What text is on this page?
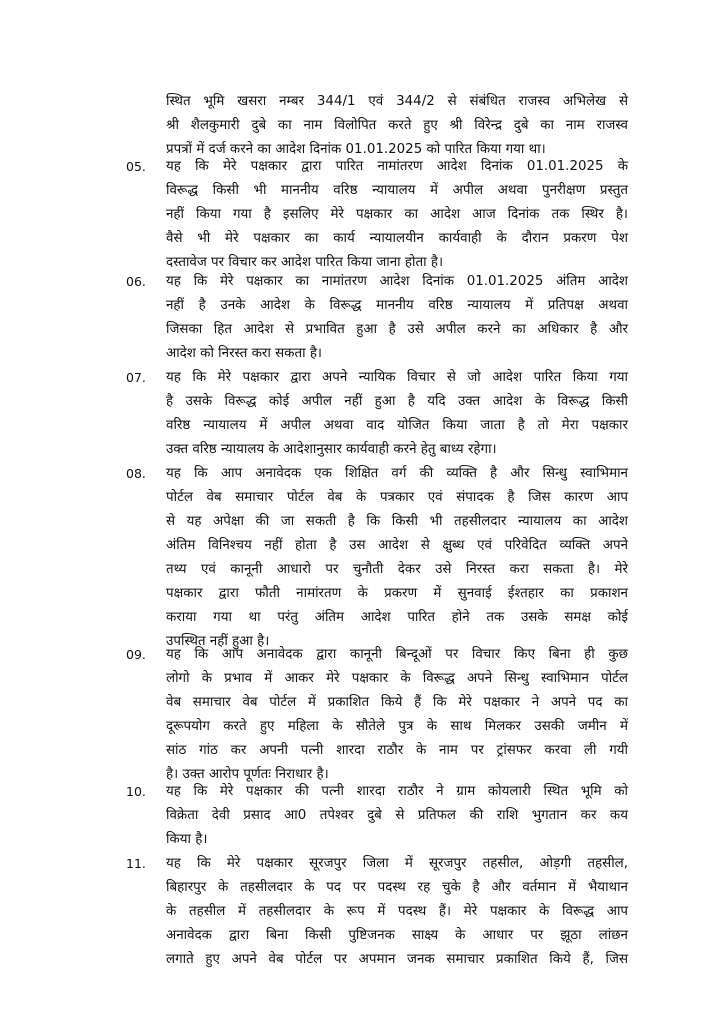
स्थित भूमि खसरा नम्बर 344/1 एवं 344/2 से संबंधित राजस्व अभिलेख से
श्री शैलकुमारी दुबे का नाम विलोपित करते हुए श्री विरेन्द्र दुबे का नाम राजस्व
प्रपत्रों में दर्ज करने का आदेश दिनांक 01.01.2025 को पारित किया गया था।
05. यह कि मेरे पक्षकार द्वारा पारित नामांतरण आदेश दिनांक 01.01.2025 के
विरूद्ध किसी भी माननीय वरिष्ठ न्यायालय में अपील अथवा पुनरीक्षण प्रस्तुत
नहीं किया गया है इसलिए मेरे पक्षकार का आदेश आज दिनांक तक स्थिर है।
वैसे भी मेरे पक्षकार का कार्य न्यायालयीन कार्यवाही के दौरान प्रकरण पेश
दस्तावेज पर विचार कर आदेश पारित किया जाना होता है।
06. यह कि मेरे पक्षकार का नामांतरण आदेश दिनांक 01.01.2025 अंतिम आदेश
नहीं है उनके आदेश के विरूद्ध माननीय वरिष्ठ न्यायालय में प्रतिपक्ष अथवा
जिसका हित आदेश से प्रभावित हुआ है उसे अपील करने का अधिकार है और
आदेश को निरस्त करा सकता है।
07. यह कि मेरे पक्षकार द्वारा अपने न्यायिक विचार से जो आदेश पारित किया गया
है उसके विरूद्ध कोई अपील नहीं हुआ है यदि उक्त आदेश के विरूद्ध किसी
वरिष्ठ न्यायालय में अपील अथवा वाद योजित किया जाता है तो मेरा पक्षकार
उक्त वरिष्ठ न्यायालय के आदेशानुसार कार्यवाही करने हेतु बाध्य रहेगा।
08. यह कि आप अनावेदक एक शिक्षित वर्ग की व्यक्ति है और सिन्धु स्वाभिमान
पोर्टल वेब समाचार पोर्टल वेब के पत्रकार एवं संपादक है जिस कारण आप
से यह अपेक्षा की जा सकती है कि किसी भी तहसीलदार न्यायालय का आदेश
अंतिम विनिश्चय नहीं होता है उस आदेश से क्षुब्ध एवं परिवेदित व्यक्ति अपने
तथ्य एवं कानूनी आधारो पर चुनौती देकर उसे निरस्त करा सकता है। मेरे
पक्षकार द्वारा फौती नामांरतण के प्रकरण में सुनवाई ईश्तहार का प्रकाशन
कराया गया था परंतु अंतिम आदेश पारित होने तक उसके समक्ष कोई
उपस्थित नहीं हुआ है।
09. यह कि आप अनावेदक द्वारा कानूनी बिन्दूओं पर विचार किए बिना ही कुछ
लोगो के प्रभाव में आकर मेरे पक्षकार के विरूद्ध अपने सिन्धु स्वाभिमान पोर्टल
वेब समाचार वेब पोर्टल में प्रकाशित किये हैं कि मेरे पक्षकार ने अपने पद का
दूरूपयोग करते हुए महिला के सौतेले पुत्र के साथ मिलकर उसकी जमीन में
सांठ गांठ कर अपनी पत्नी शारदा राठौर के नाम पर ट्रांसफर करवा ली गयी
है। उक्त आरोप पूर्णतः निराधार है।
10. यह कि मेरे पक्षकार की पत्नी शारदा राठौर ने ग्राम कोयलारी स्थित भूमि को
विक्रेता देवी प्रसाद आ0 तपेश्वर दुबे से प्रतिफल की राशि भुगतान कर कय
किया है।
11. यह कि मेरे पक्षकार सूरजपुर जिला में सूरजपुर तहसील, ओड़गी तहसील,
बिहारपुर के तहसीलदार के पद पर पदस्थ रह चुके है और वर्तमान में भैयाथान
के तहसील में तहसीलदार के रूप में पदस्थ हैं। मेरे पक्षकार के विरूद्ध आप
अनावेदक द्वारा बिना किसी पुष्टिजनक साक्ष्य के आधार पर झूठा लांछन
लगाते हुए अपने वेब पोर्टल पर अपमान जनक समाचार प्रकाशित किये हैं, जिस
